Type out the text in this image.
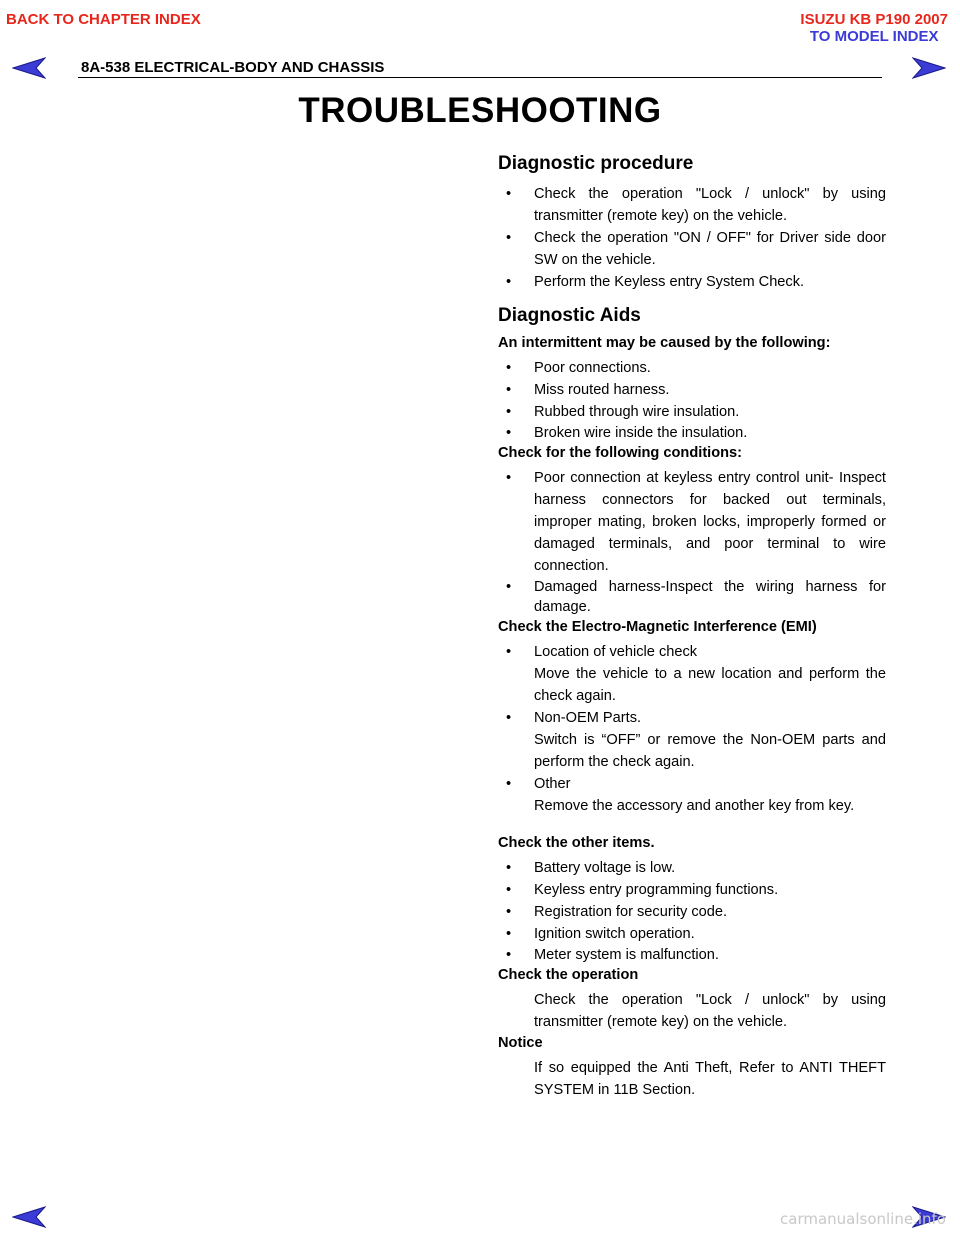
BACK TO CHAPTER INDEX	ISUZU KB P190 2007
TO MODEL INDEX
8A-538 ELECTRICAL-BODY AND CHASSIS
TROUBLESHOOTING
Diagnostic procedure
• Check the operation "Lock / unlock" by using transmitter (remote key) on the vehicle.
• Check the operation "ON / OFF" for Driver side door SW on the vehicle.
• Perform the Keyless entry System Check.
Diagnostic Aids
An intermittent may be caused by the following:
• Poor connections.
• Miss routed harness.
• Rubbed through wire insulation.
• Broken wire inside the insulation.
Check for the following conditions:
• Poor connection at keyless entry control unit- Inspect harness connectors for backed out terminals, improper mating, broken locks, improperly formed or damaged terminals, and poor terminal to wire connection.
• Damaged harness-Inspect the wiring harness for damage.
Check the Electro-Magnetic Interference (EMI)
• Location of vehicle check
Move the vehicle to a new location and perform the check again.
• Non-OEM Parts.
Switch is “OFF” or remove the Non-OEM parts and perform the check again.
• Other
Remove the accessory and another key from key.
Check the other items.
• Battery voltage is low.
• Keyless entry programming functions.
• Registration for security code.
• Ignition switch operation.
• Meter system is malfunction.
Check the operation
Check the operation "Lock / unlock" by using transmitter (remote key) on the vehicle.
Notice
If so equipped the Anti Theft, Refer to ANTI THEFT SYSTEM in 11B Section.
carmanualsonline.info
